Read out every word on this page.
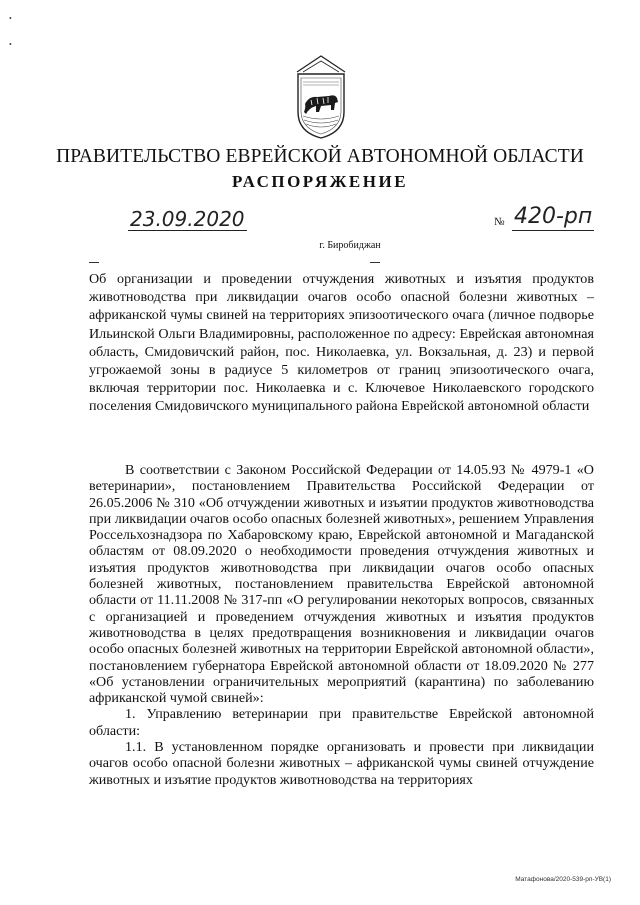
•
•
ПРАВИТЕЛЬСТВО ЕВРЕЙСКОЙ АВТОНОМНОЙ ОБЛАСТИ
РАСПОРЯЖЕНИЕ
23.09.2020	№ 420-рп
г. Биробиджан
Об организации и проведении отчуждения животных и изъятия продуктов животноводства при ликвидации очагов особо опасной болезни животных – африканской чумы свиней на территориях эпизоотического очага (личное подворье Ильинской Ольги Владимировны, расположенное по адресу: Еврейская автономная область, Смидовичский район, пос. Николаевка, ул. Вокзальная, д. 23) и первой угрожаемой зоны в радиусе 5 километров от границ эпизоотического очага, включая территории пос. Николаевка и с. Ключевое Николаевского городского поселения Смидовичского муниципального района Еврейской автономной области

В соответствии с Законом Российской Федерации от 14.05.93 № 4979-1 «О ветеринарии», постановлением Правительства Российской Федерации от 26.05.2006 № 310 «Об отчуждении животных и изъятии продуктов животноводства при ликвидации очагов особо опасных болезней животных», решением Управления Россельхознадзора по Хабаровскому краю, Еврейской автономной и Магаданской областям от 08.09.2020 о необходимости проведения отчуждения животных и изъятия продуктов животноводства при ликвидации очагов особо опасных болезней животных, постановлением правительства Еврейской автономной области от 11.11.2008 № 317-пп «О регулировании некоторых вопросов, связанных с организацией и проведением отчуждения животных и изъятия продуктов животноводства в целях предотвращения возникновения и ликвидации очагов особо опасных болезней животных на территории Еврейской автономной области», постановлением губернатора Еврейской автономной области от 18.09.2020 № 277 «Об установлении ограничительных мероприятий (карантина) по заболеванию африканской чумой свиней»:

1. Управлению ветеринарии при правительстве Еврейской автономной области:

1.1. В установленном порядке организовать и провести при ликвидации очагов особо опасной болезни животных – африканской чумы свиней отчуждение животных и изъятие продуктов животноводства на территориях

Матафонова/2020-539-рп-УВ(1)
